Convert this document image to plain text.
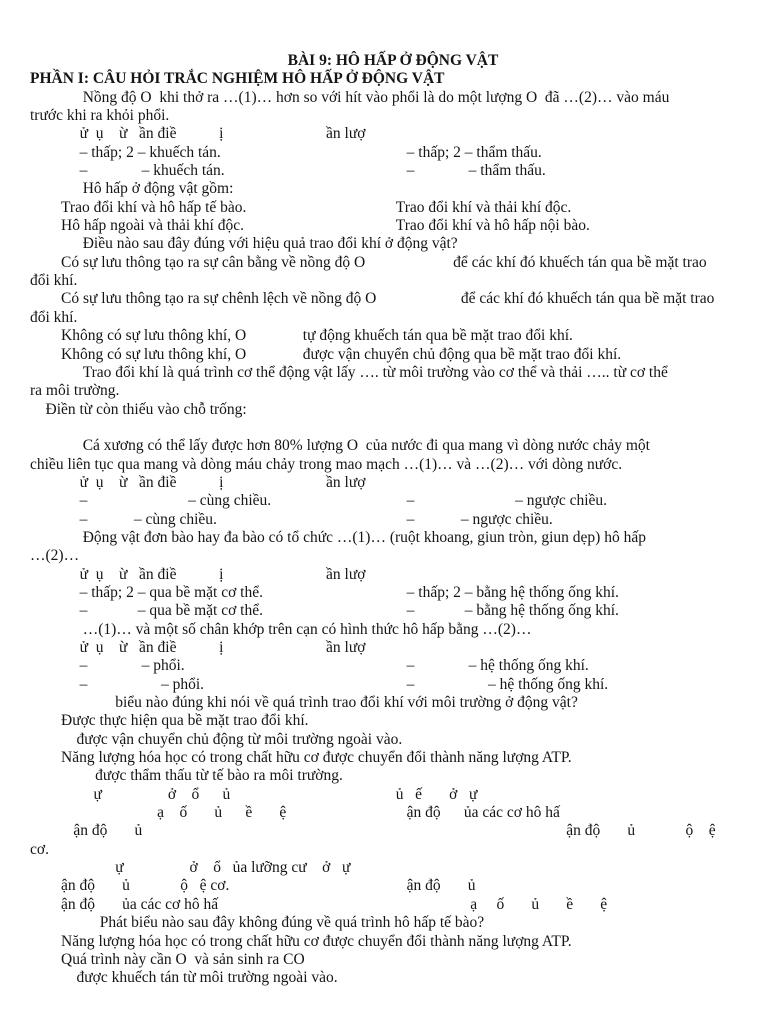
BÀI 9: HÔ HẤP Ở ĐỘNG VẬT
PHẦN I: CÂU HỎI TRẮC NGHIỆM HÔ HẤP Ở ĐỘNG VẬT
Nồng độ O  khi thở ra …(1)… hơn so với hít vào phổi là do một lượng O  đã …(2)… vào máu
trước khi ra khỏi phổi.
ử  ụ    ừ   ần điề           ị	ần lượ
– thấp; 2 – khuếch tán.	– thấp; 2 – thẩm thấu.
–              – khuếch tán.	–              – thẩm thấu.
Hô hấp ở động vật gồm:
Trao đổi khí và hô hấp tế bào.	Trao đổi khí và thải khí độc.
Hô hấp ngoài và thải khí độc.	Trao đổi khí và hô hấp nội bào.
Điều nào sau đây đúng với hiệu quả trao đổi khí ở động vật?
Có sự lưu thông tạo ra sự cân bằng về nồng độ O	để các khí đó khuếch tán qua bề mặt trao
đổi khí.
Có sự lưu thông tạo ra sự chênh lệch về nồng độ O	để các khí đó khuếch tán qua bề mặt trao
đổi khí.
Không có sự lưu thông khí, O	tự động khuếch tán qua bề mặt trao đổi khí.
Không có sự lưu thông khí, O	được vận chuyển chủ động qua bề mặt trao đổi khí.
Trao đổi khí là quá trình cơ thể động vật lấy …. từ môi trường vào cơ thể và thải ….. từ cơ thể
ra môi trường.
Điền từ còn thiếu vào chỗ trống:
Cá xương có thể lấy được hơn 80% lượng O  của nước đi qua mang vì dòng nước chảy một
chiều liên tục qua mang và dòng máu chảy trong mao mạch …(1)… và …(2)… với dòng nước.
ử  ụ    ừ   ần điề           ị	ần lượ
–                          – cùng chiều.	–                          – ngược chiều.
–            – cùng chiều.	–            – ngược chiều.
Động vật đơn bào hay đa bào có tổ chức …(1)… (ruột khoang, giun tròn, giun dẹp) hô hấp
…(2)…
ử  ụ    ừ   ần điề           ị	ần lượ
– thấp; 2 – qua bề mặt cơ thể.	– thấp; 2 – bằng hệ thống ống khí.
–             – qua bề mặt cơ thể.	–             – bằng hệ thống ống khí.
…(1)… và một số chân khớp trên cạn có hình thức hô hấp bằng …(2)…
ử  ụ    ừ   ần điề           ị	ần lượ
–              – phổi.	–              – hệ thống ống khí.
–                   – phổi.	–                   – hệ thống ống khí.
biểu nào đúng khi nói về quá trình trao đổi khí với môi trường ở động vật?
Được thực hiện qua bề mặt trao đổi khí.
được vận chuyển chủ động từ môi trường ngoài vào.
Năng lượng hóa học có trong chất hữu cơ được chuyển đổi thành năng lượng ATP.
được thẩm thấu từ tế bào ra môi trường.
ự                 ở    ổ      ủ	ủ   ế       ở   ự
ạ    ố       ủ      ề       ệ	ận độ      ủa các cơ hô hấ
ận độ       ủ	ận độ       ủ             ộ    ệ
cơ.
ự                 ở    ổ   ủa lưỡng cư    ở   ự
ận độ       ủ             ộ   ệ cơ.	ận độ       ủ
ận độ       ủa các cơ hô hấ	ạ     ố       ủ       ề       ệ
Phát biểu nào sau đây không đúng về quá trình hô hấp tế bào?
Năng lượng hóa học có trong chất hữu cơ được chuyển đổi thành năng lượng ATP.
Quá trình này cần O  và sản sinh ra CO
được khuếch tán từ môi trường ngoài vào.
